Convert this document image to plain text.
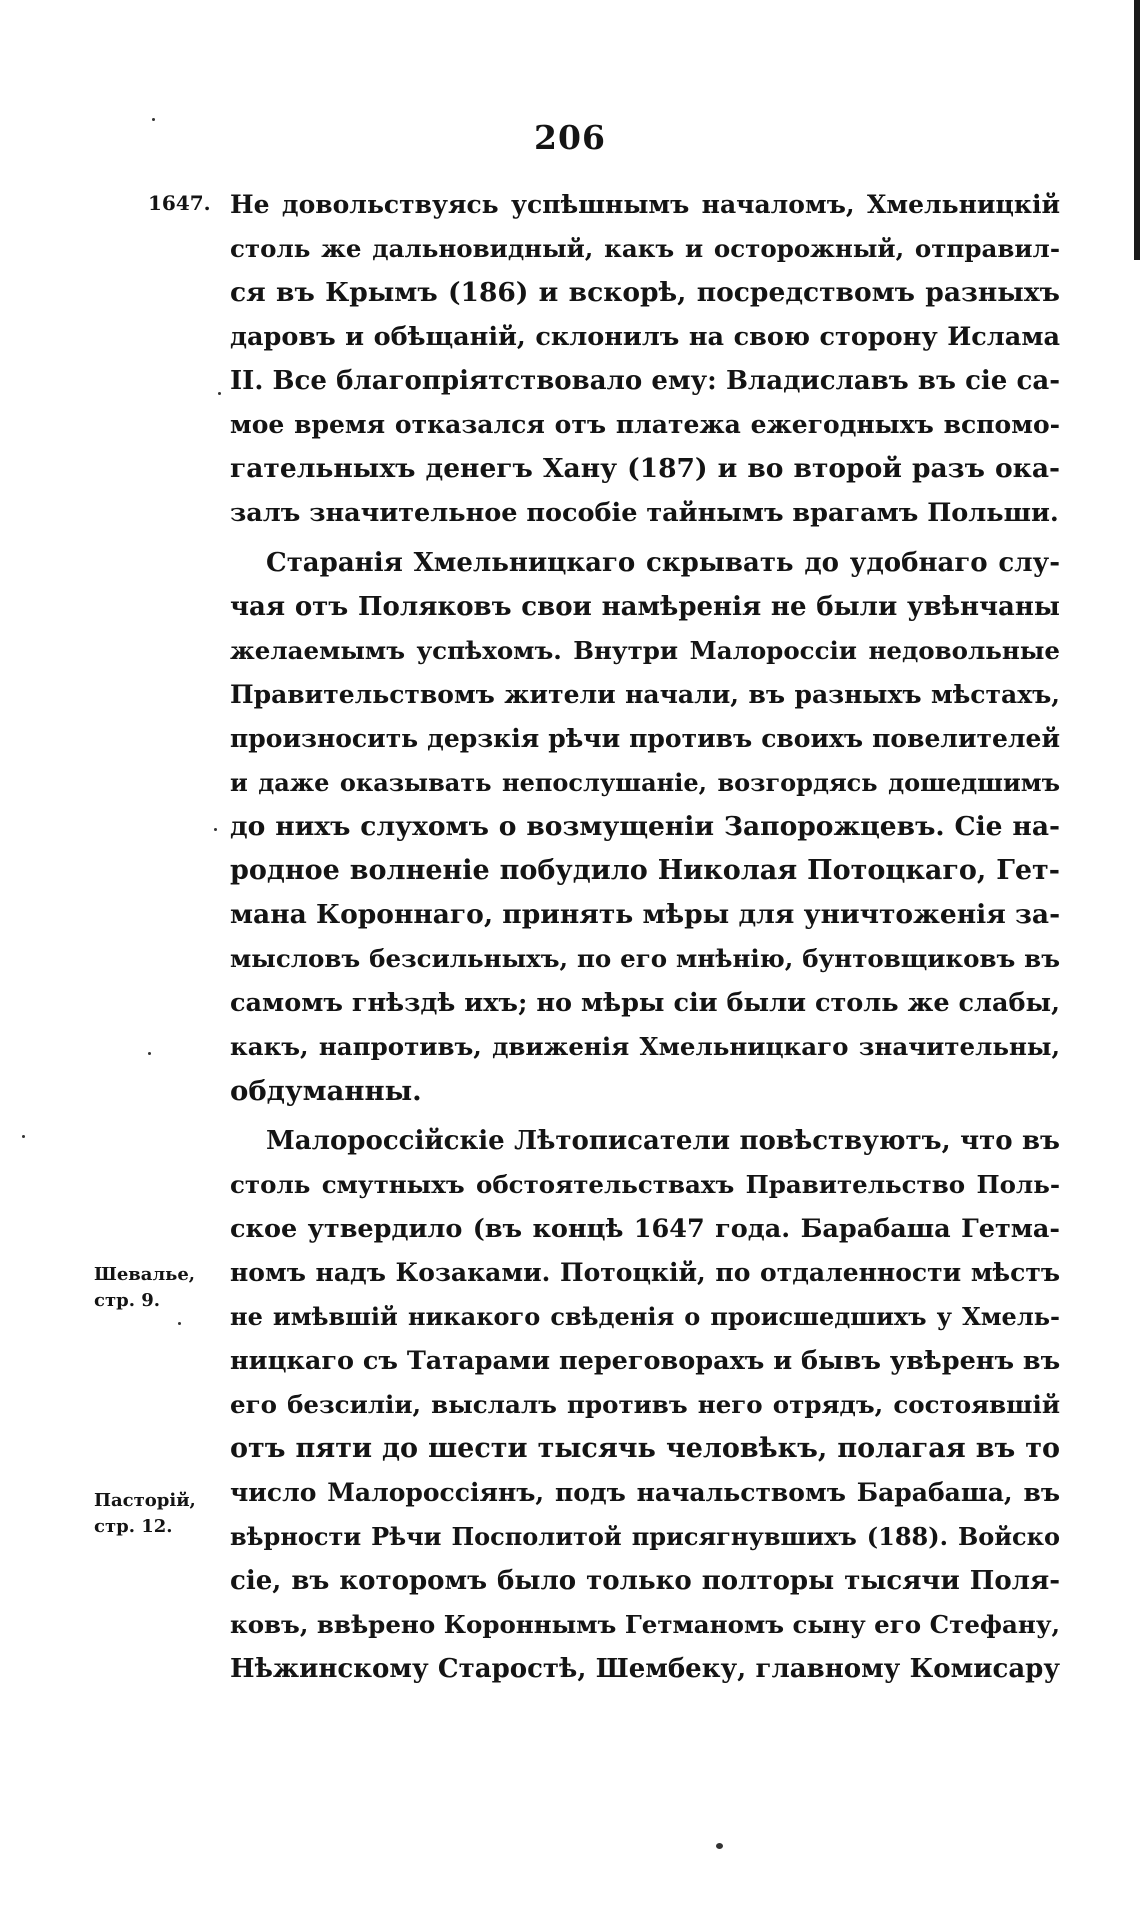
206
1647.
Шевалье,
стр. 9.
Пасторій,
стр. 12.
Не довольствуясь успѣшнымъ началомъ, Хмельницкій
столь же дальновидный, какъ и осторожный, отправил-
ся въ Крымъ (186) и вскорѣ, посредствомъ разныхъ
даровъ и обѣщаній, склонилъ на свою сторону Ислама
II. Все благопріятствовало ему: Владиславъ въ сіе са-
мое время отказался отъ платежа ежегодныхъ вспомо-
гательныхъ денегъ Хану (187) и во второй разъ ока-
залъ значительное пособіе тайнымъ врагамъ Польши.
Старанія Хмельницкаго скрывать до удобнаго слу-
чая отъ Поляковъ свои намѣренія не были увѣнчаны
желаемымъ успѣхомъ. Внутри Малороссіи недовольные
Правительствомъ жители начали, въ разныхъ мѣстахъ,
произносить дерзкія рѣчи противъ своихъ повелителей
и даже оказывать непослушаніе, возгордясь дошедшимъ
до нихъ слухомъ о возмущеніи Запорожцевъ. Сіе на-
родное волненіе побудило Николая Потоцкаго, Гет-
мана Короннаго, принять мѣры для уничтоженія за-
мысловъ безсильныхъ, по его мнѣнію, бунтовщиковъ въ
самомъ гнѣздѣ ихъ; но мѣры сіи были столь же слабы,
какъ, напротивъ, движенія Хмельницкаго значительны,
обдуманны.
Малороссійскіе Лѣтописатели повѣствуютъ, что въ
столь смутныхъ обстоятельствахъ Правительство Поль-
ское утвердило (въ концѣ 1647 года. Барабаша Гетма-
номъ надъ Козаками. Потоцкій, по отдаленности мѣстъ
не имѣвшій никакого свѣденія о происшедшихъ у Хмель-
ницкаго съ Татарами переговорахъ и бывъ увѣренъ въ
его безсиліи, выслалъ противъ него отрядъ, состоявшій
отъ пяти до шести тысячь человѣкъ, полагая въ то
число Малороссіянъ, подъ начальствомъ Барабаша, въ
вѣрности Рѣчи Посполитой присягнувшихъ (188). Войско
сіе, въ которомъ было только полторы тысячи Поля-
ковъ, ввѣрено Короннымъ Гетманомъ сыну его Стефану,
Нѣжинскому Старостѣ, Шембеку, главному Комисару
